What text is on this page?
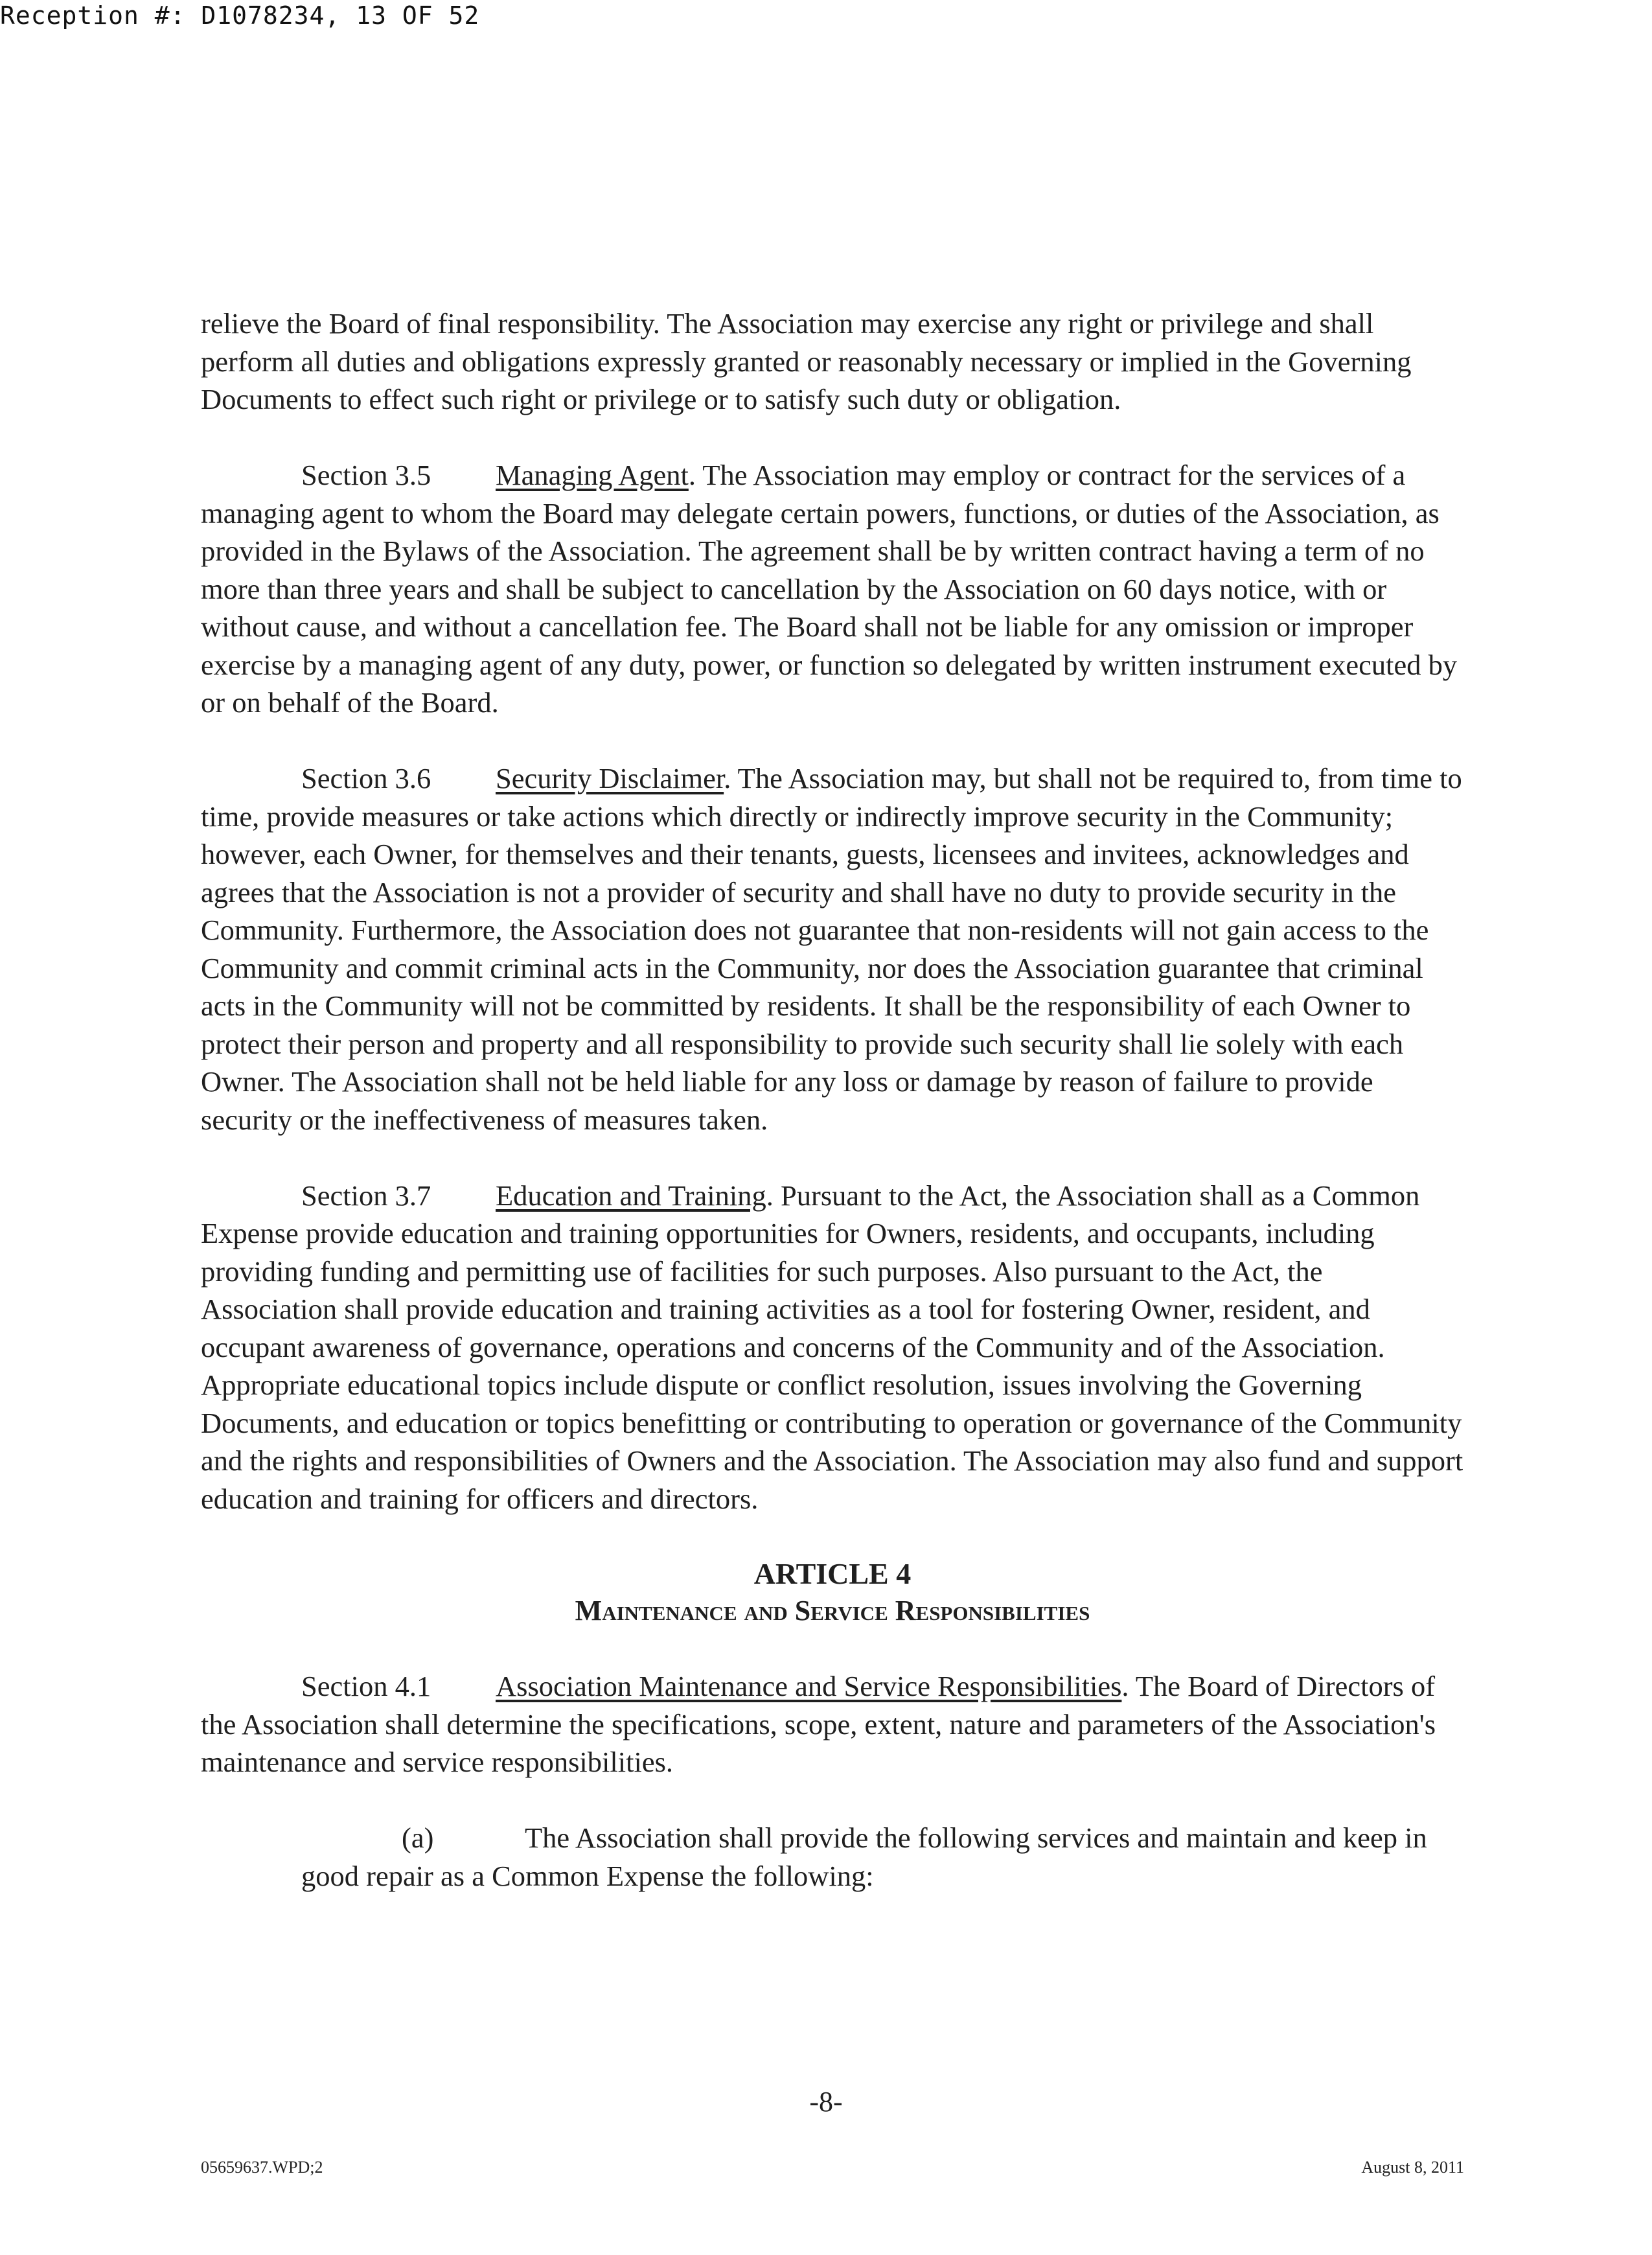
Reception #: D1078234, 13 OF 52

relieve the Board of final responsibility. The Association may exercise any right or privilege and shall perform all duties and obligations expressly granted or reasonably necessary or implied in the Governing Documents to effect such right or privilege or to satisfy such duty or obligation.

Section 3.5 Managing Agent. The Association may employ or contract for the services of a managing agent to whom the Board may delegate certain powers, functions, or duties of the Association, as provided in the Bylaws of the Association. The agreement shall be by written contract having a term of no more than three years and shall be subject to cancellation by the Association on 60 days notice, with or without cause, and without a cancellation fee. The Board shall not be liable for any omission or improper exercise by a managing agent of any duty, power, or function so delegated by written instrument executed by or on behalf of the Board.

Section 3.6 Security Disclaimer. The Association may, but shall not be required to, from time to time, provide measures or take actions which directly or indirectly improve security in the Community; however, each Owner, for themselves and their tenants, guests, licensees and invitees, acknowledges and agrees that the Association is not a provider of security and shall have no duty to provide security in the Community. Furthermore, the Association does not guarantee that non-residents will not gain access to the Community and commit criminal acts in the Community, nor does the Association guarantee that criminal acts in the Community will not be committed by residents. It shall be the responsibility of each Owner to protect their person and property and all responsibility to provide such security shall lie solely with each Owner. The Association shall not be held liable for any loss or damage by reason of failure to provide security or the ineffectiveness of measures taken.

Section 3.7 Education and Training. Pursuant to the Act, the Association shall as a Common Expense provide education and training opportunities for Owners, residents, and occupants, including providing funding and permitting use of facilities for such purposes. Also pursuant to the Act, the Association shall provide education and training activities as a tool for fostering Owner, resident, and occupant awareness of governance, operations and concerns of the Community and of the Association. Appropriate educational topics include dispute or conflict resolution, issues involving the Governing Documents, and education or topics benefitting or contributing to operation or governance of the Community and the rights and responsibilities of Owners and the Association. The Association may also fund and support education and training for officers and directors.

ARTICLE 4

Maintenance and Service Responsibilities

Section 4.1 Association Maintenance and Service Responsibilities. The Board of Directors of the Association shall determine the specifications, scope, extent, nature and parameters of the Association's maintenance and service responsibilities.

(a)	The Association shall provide the following services and maintain and keep in good repair as a Common Expense the following:

-8-
05659637.WPD;2	August 8, 2011
